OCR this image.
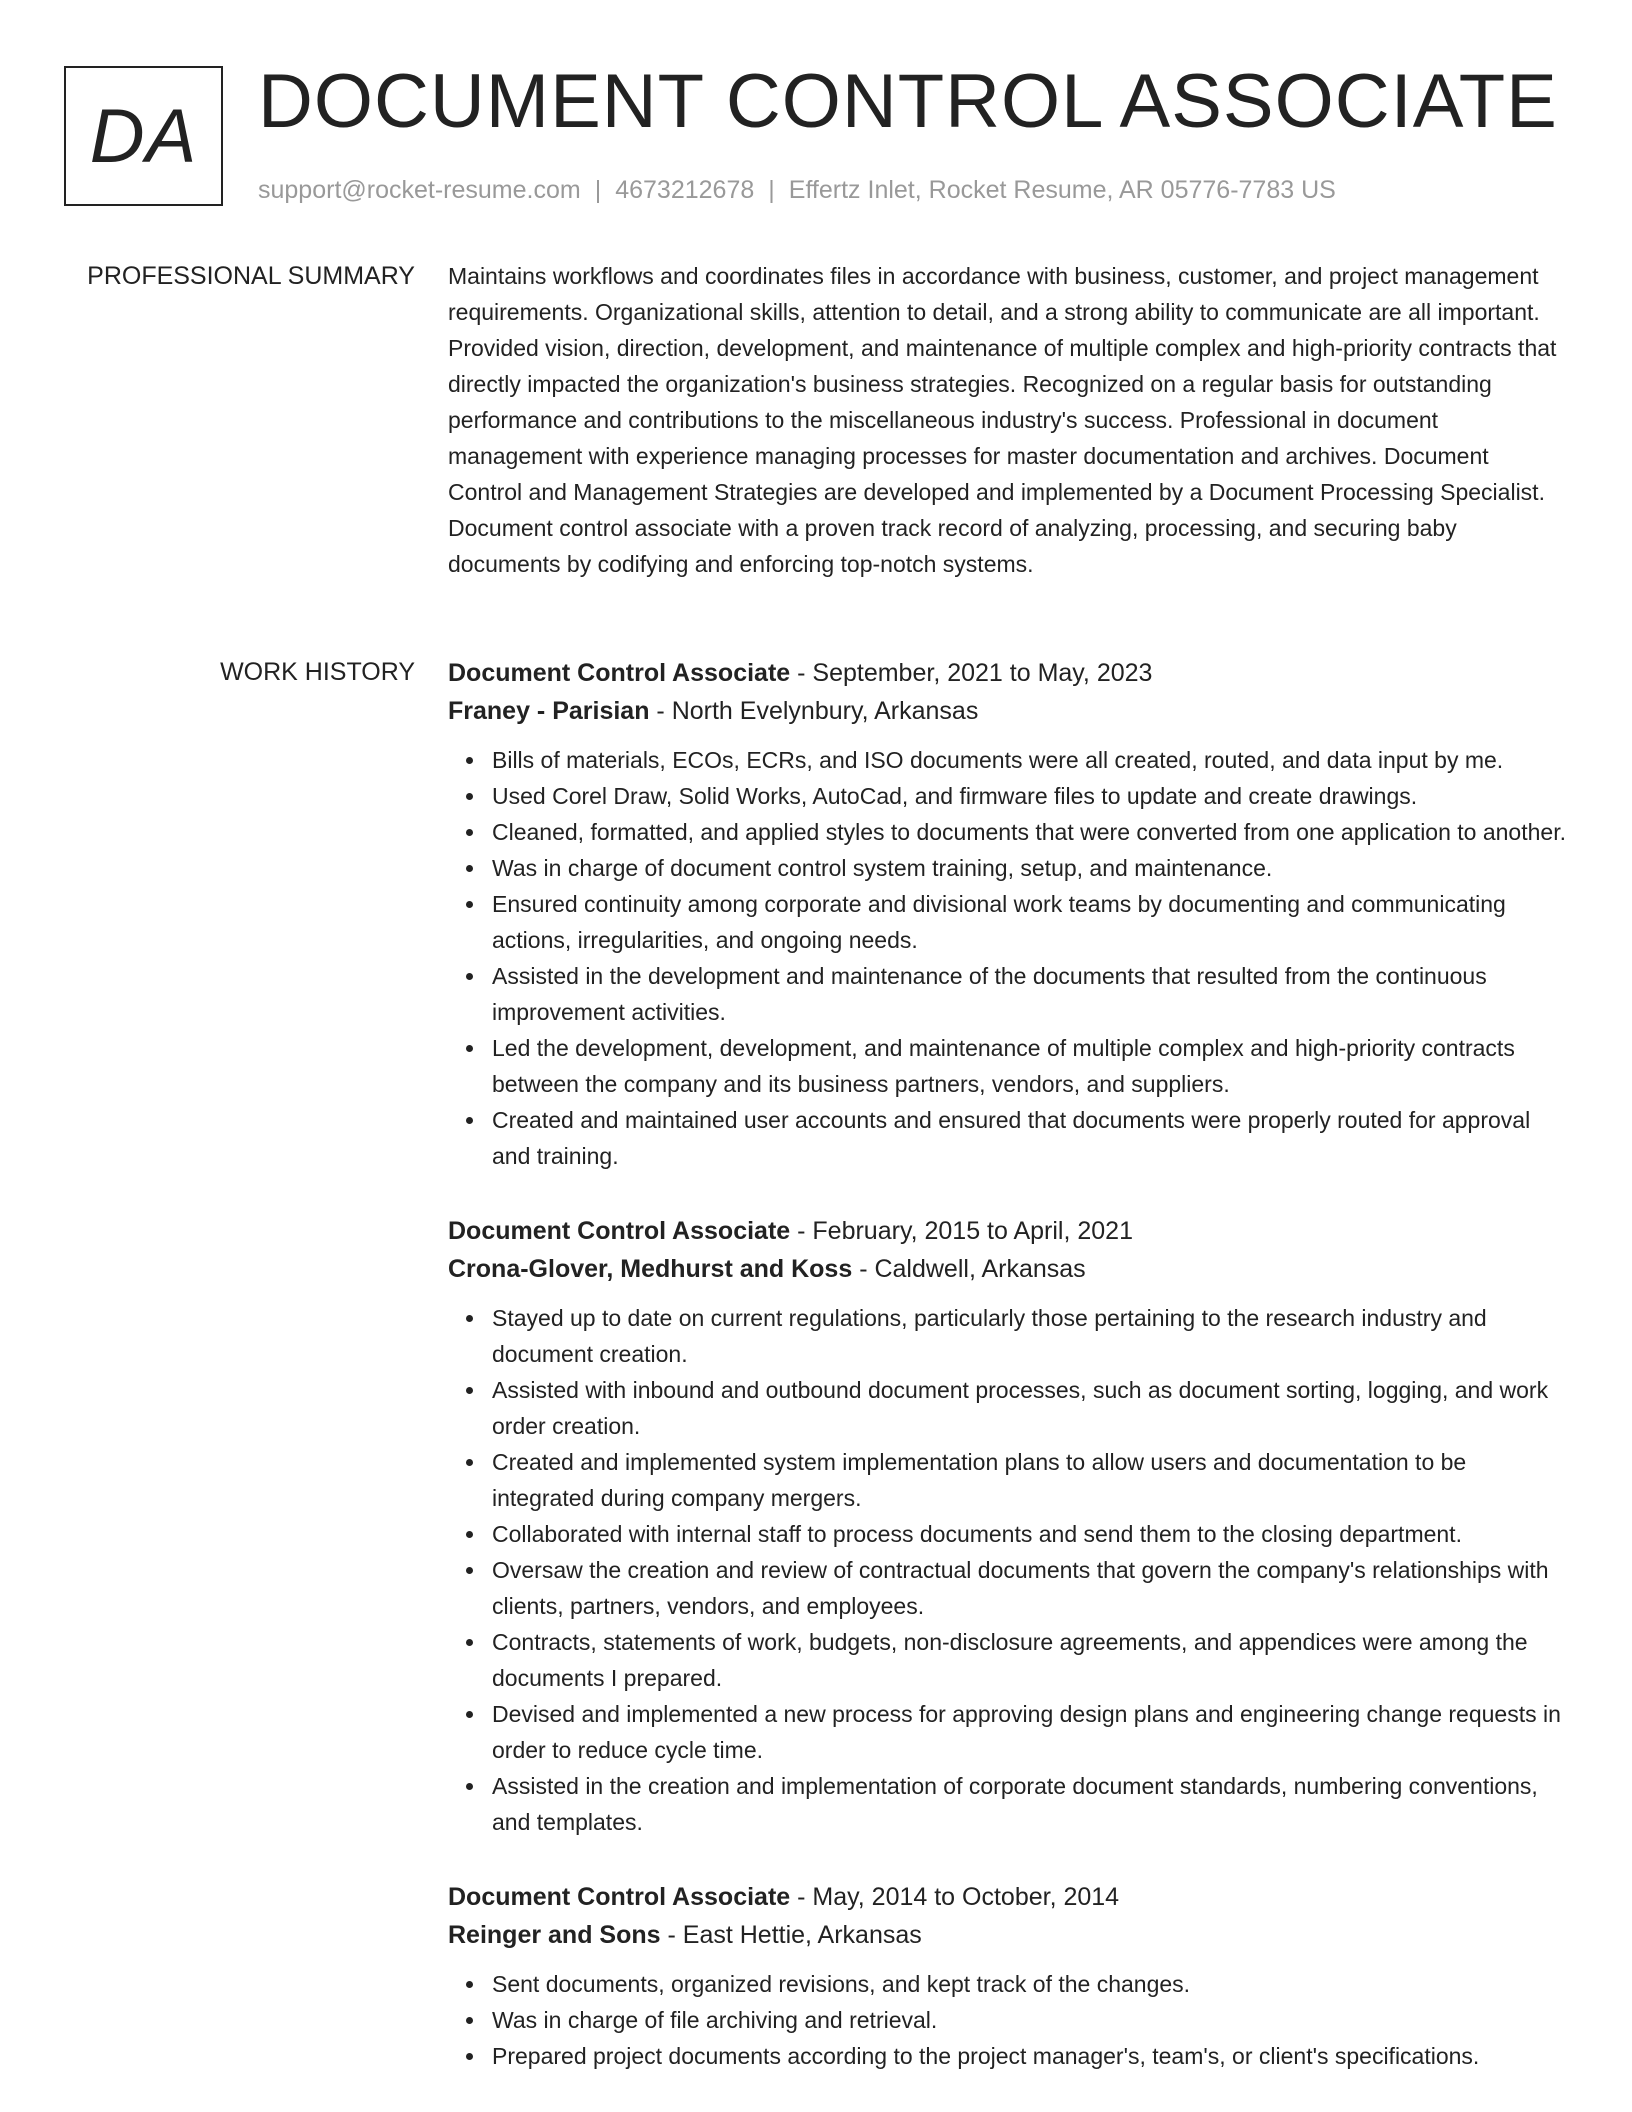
DA DOCUMENT CONTROL ASSOCIATE
support@rocket-resume.com | 4673212678 | Effertz Inlet, Rocket Resume, AR 05776-7783 US
PROFESSIONAL SUMMARY Maintains workflows and coordinates files in accordance with business, customer, and project management requirements. Organizational skills, attention to detail, and a strong ability to communicate are all important. Provided vision, direction, development, and maintenance of multiple complex and high-priority contracts that directly impacted the organization's business strategies. Recognized on a regular basis for outstanding performance and contributions to the miscellaneous industry's success. Professional in document management with experience managing processes for master documentation and archives. Document Control and Management Strategies are developed and implemented by a Document Processing Specialist. Document control associate with a proven track record of analyzing, processing, and securing baby documents by codifying and enforcing top-notch systems.

WORK HISTORY Document Control Associate - September, 2021 to May, 2023
Franey - Parisian - North Evelynbury, Arkansas
Bills of materials, ECOs, ECRs, and ISO documents were all created, routed, and data input by me.
Used Corel Draw, Solid Works, AutoCad, and firmware files to update and create drawings.
Cleaned, formatted, and applied styles to documents that were converted from one application to another.
Was in charge of document control system training, setup, and maintenance.
Ensured continuity among corporate and divisional work teams by documenting and communicating actions, irregularities, and ongoing needs.
Assisted in the development and maintenance of the documents that resulted from the continuous improvement activities.
Led the development, development, and maintenance of multiple complex and high-priority contracts between the company and its business partners, vendors, and suppliers.
Created and maintained user accounts and ensured that documents were properly routed for approval and training.
Document Control Associate - February, 2015 to April, 2021
Crona-Glover, Medhurst and Koss - Caldwell, Arkansas
Stayed up to date on current regulations, particularly those pertaining to the research industry and document creation.
Assisted with inbound and outbound document processes, such as document sorting, logging, and work order creation.
Created and implemented system implementation plans to allow users and documentation to be integrated during company mergers.
Collaborated with internal staff to process documents and send them to the closing department.
Oversaw the creation and review of contractual documents that govern the company's relationships with clients, partners, vendors, and employees.
Contracts, statements of work, budgets, non-disclosure agreements, and appendices were among the documents I prepared.
Devised and implemented a new process for approving design plans and engineering change requests in order to reduce cycle time.
Assisted in the creation and implementation of corporate document standards, numbering conventions, and templates.
Document Control Associate - May, 2014 to October, 2014
Reinger and Sons - East Hettie, Arkansas
Sent documents, organized revisions, and kept track of the changes.
Was in charge of file archiving and retrieval.
Prepared project documents according to the project manager's, team's, or client's specifications.
